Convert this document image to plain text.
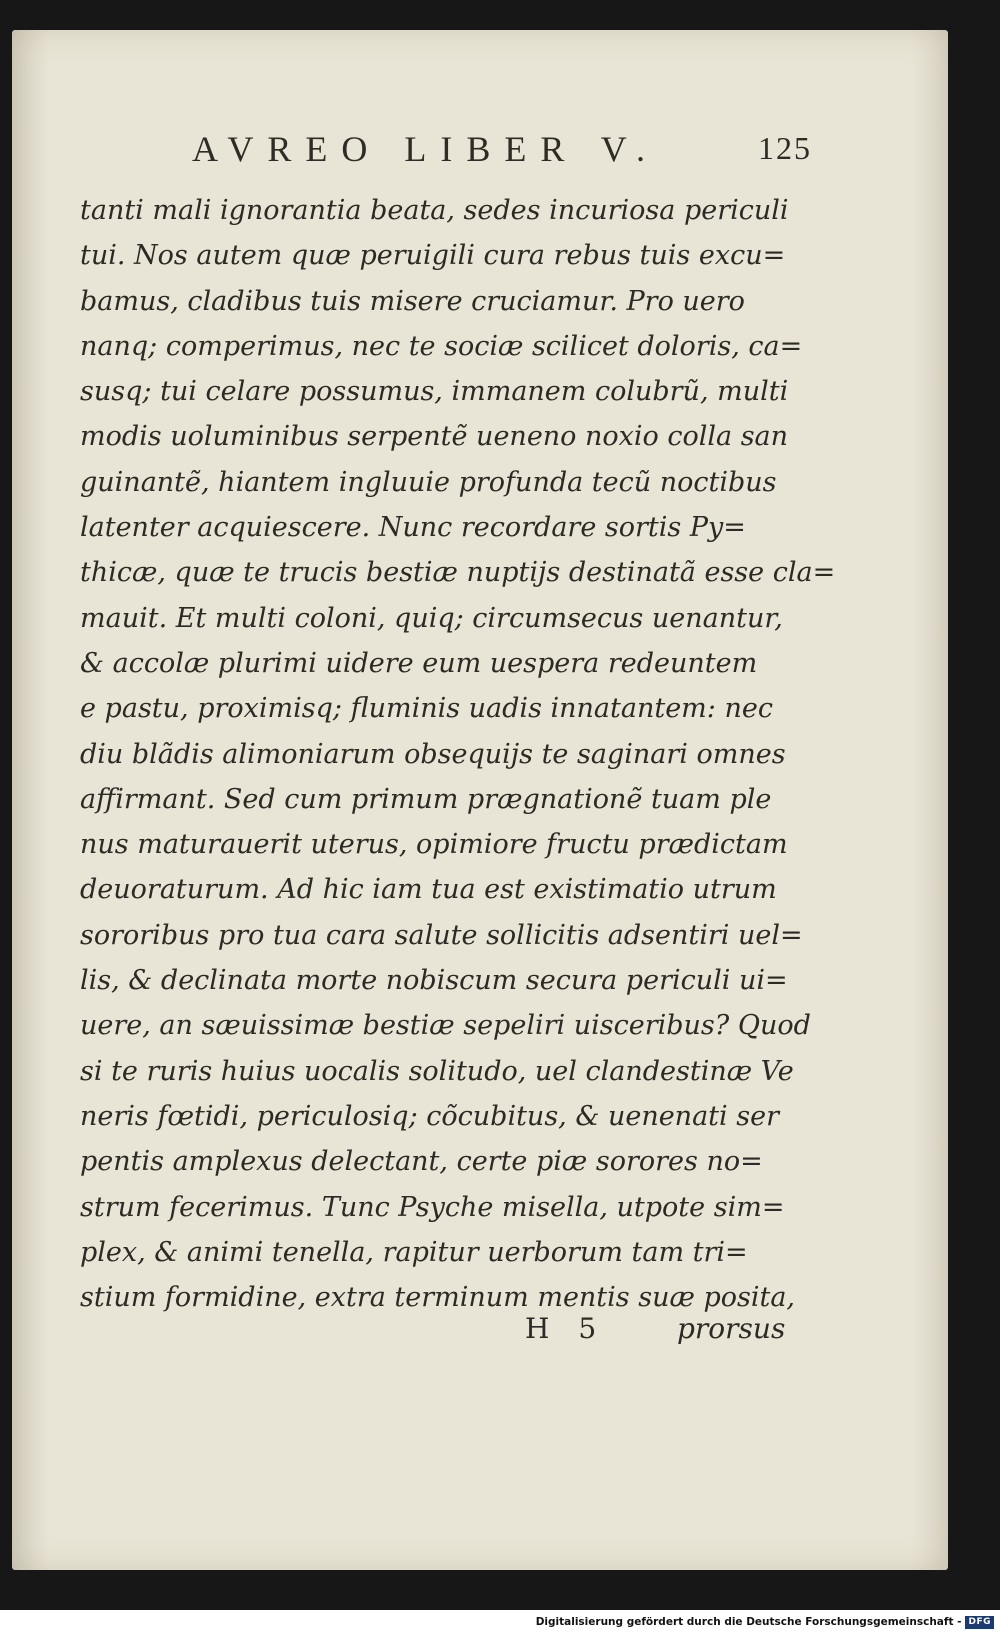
AVREO LIBER V.	125
tanti mali ignorantia beata, sedes incuriosa periculi
tui. Nos autem quæ peruigili cura rebus tuis excu=
bamus, cladibus tuis misere cruciamur. Pro uero
nanq; comperimus, nec te sociæ scilicet doloris, ca=
susq; tui celare possumus, immanem colubrũ, multi
modis uoluminibus serpentẽ ueneno noxio colla san
guinantẽ, hiantem ingluuie profunda tecũ noctibus
latenter acquiescere. Nunc recordare sortis Py=
thicæ, quæ te trucis bestiæ nuptijs destinatã esse cla=
mauit. Et multi coloni, quiq; circumsecus uenantur,
& accolæ plurimi uidere eum uespera redeuntem
e pastu, proximisq; fluminis uadis innatantem: nec
diu blãdis alimoniarum obsequijs te saginari omnes
affirmant. Sed cum primum prægnationẽ tuam ple
nus maturauerit uterus, opimiore fructu prædictam
deuoraturum. Ad hic iam tua est existimatio utrum
sororibus pro tua cara salute sollicitis adsentiri uel=
lis, & declinata morte nobiscum secura periculi ui=
uere, an sæuissimæ bestiæ sepeliri uisceribus? Quod
si te ruris huius uocalis solitudo, uel clandestinæ Ve
neris fœtidi, periculosiq; cõcubitus, & uenenati ser
pentis amplexus delectant, certe piæ sorores no=
strum fecerimus. Tunc Psyche misella, utpote sim=
plex, & animi tenella, rapitur uerborum tam tri=
stium formidine, extra terminum mentis suæ posita,
H 5	prorsus
Digitalisierung gefördert durch die Deutsche Forschungsgemeinschaft - DFG
